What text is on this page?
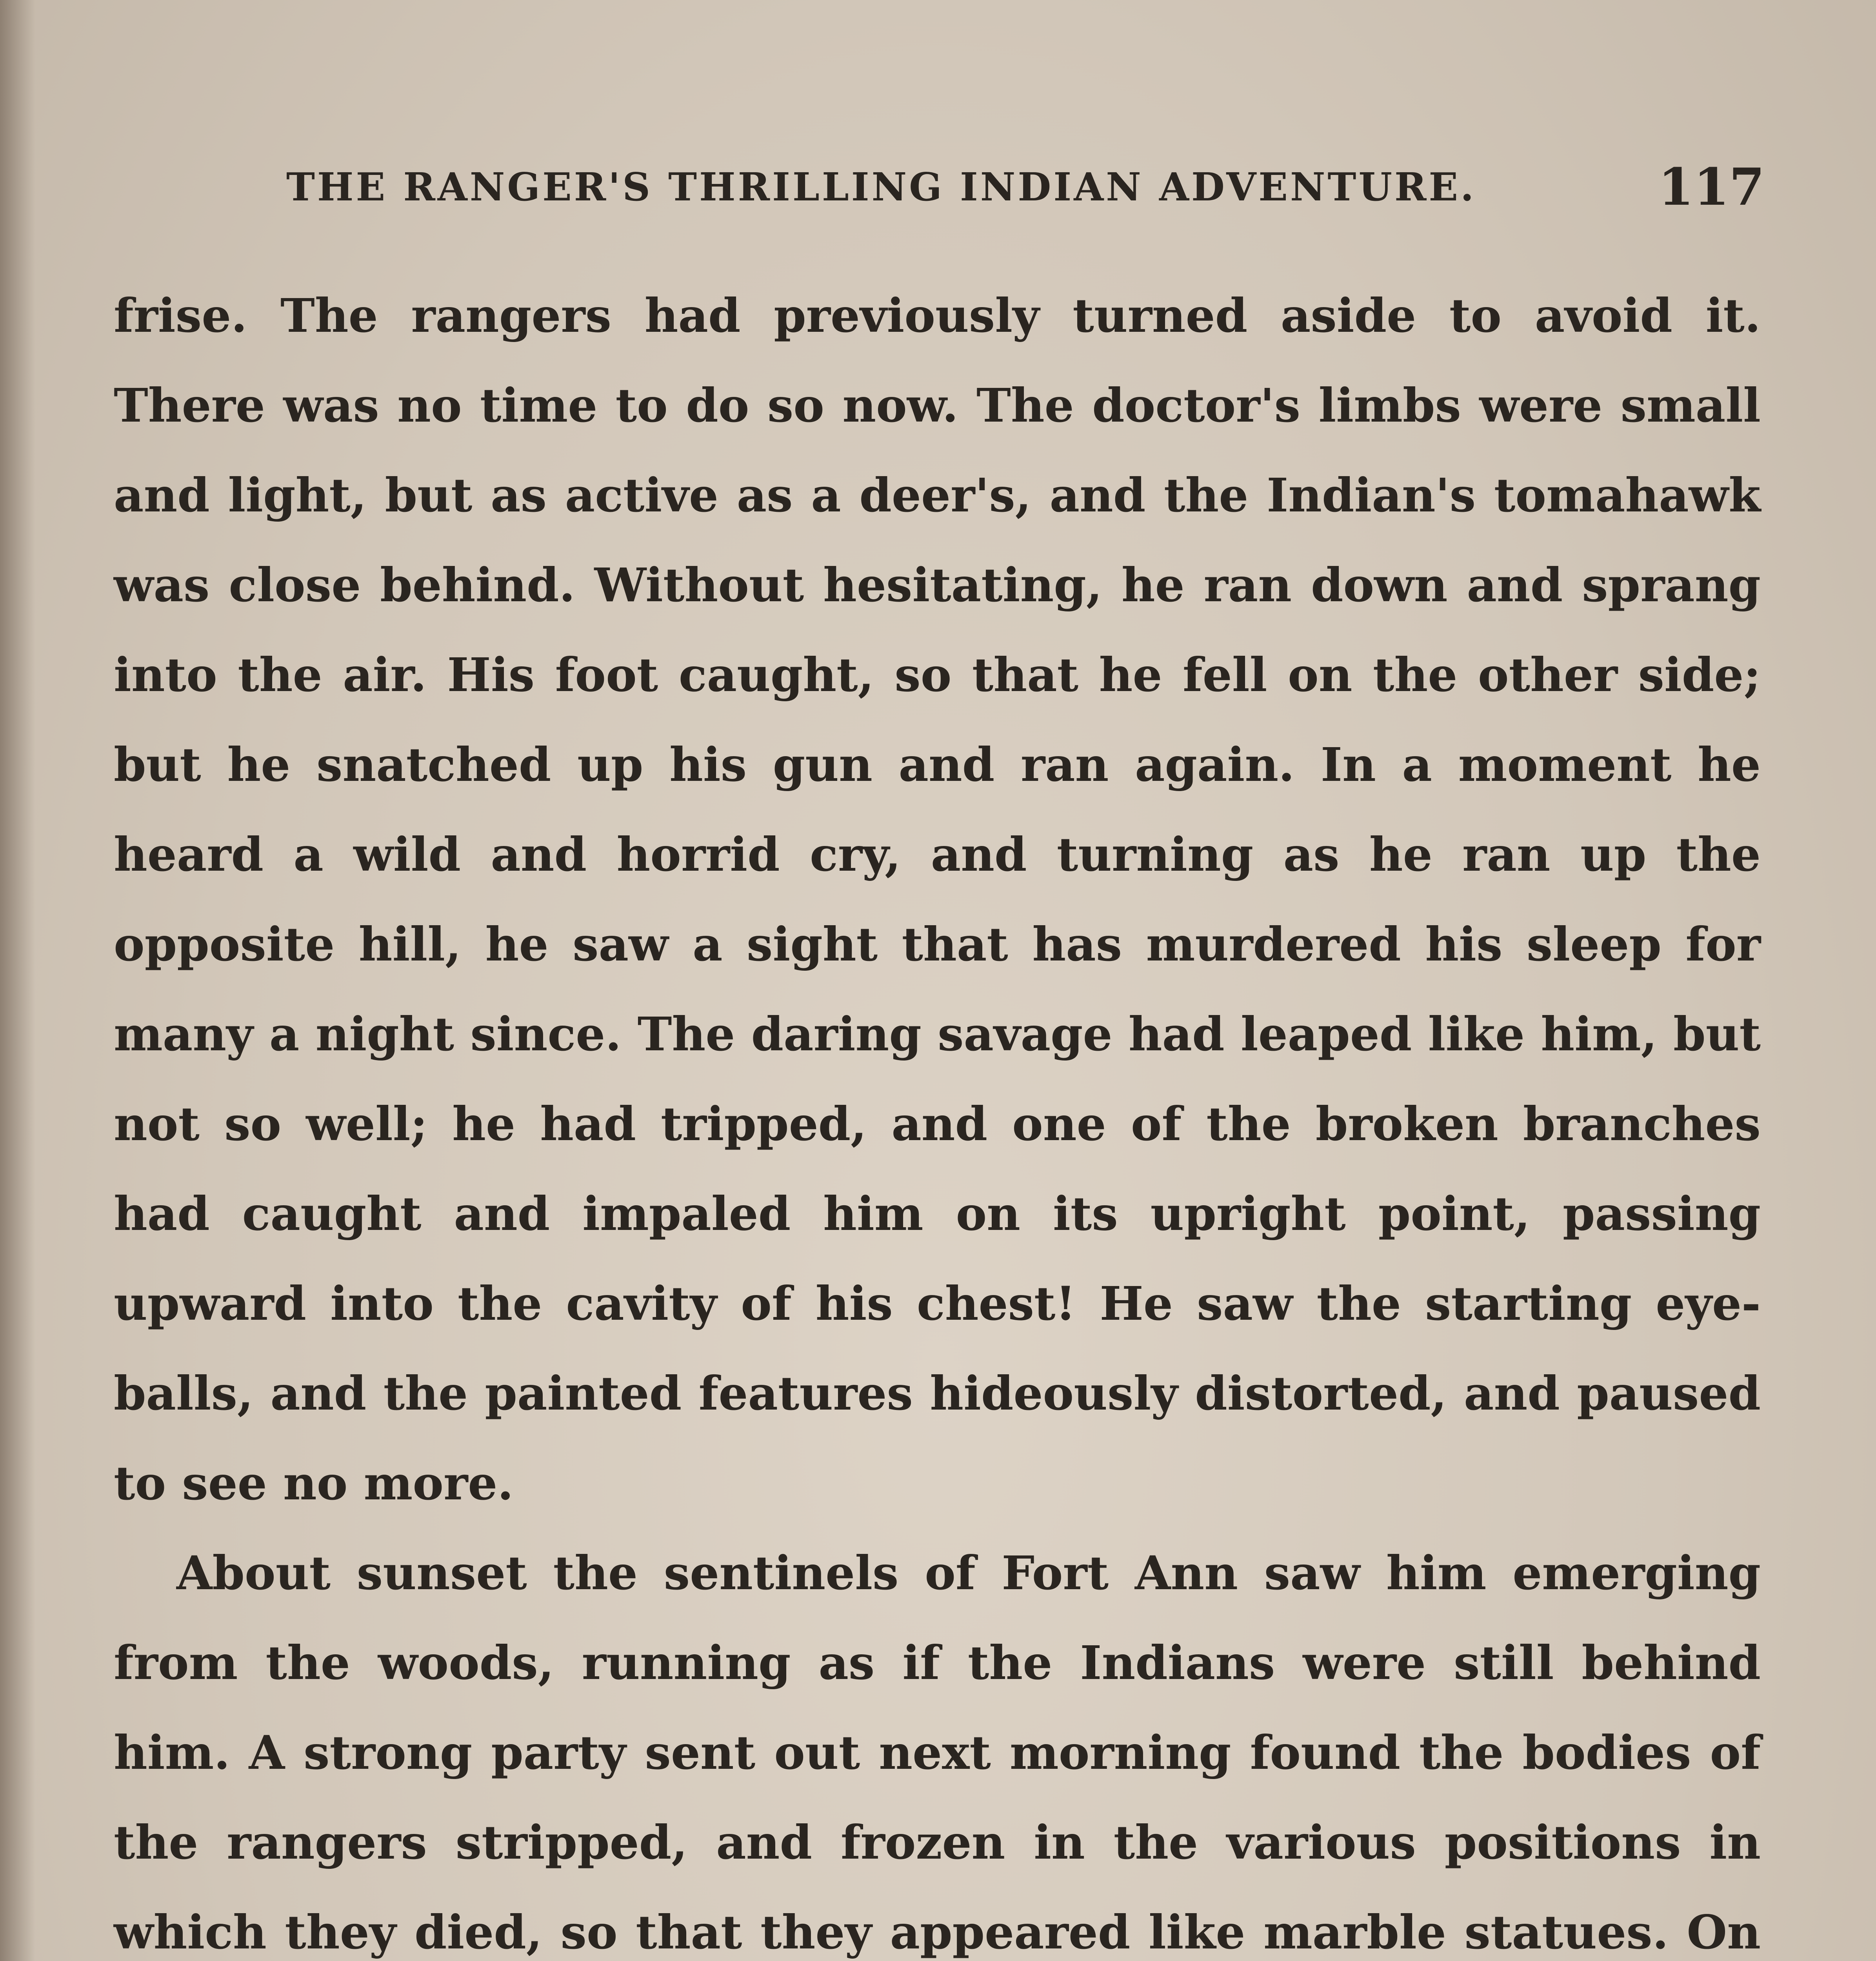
THE RANGER'S THRILLING INDIAN ADVENTURE.	117

frise. The rangers had previously turned aside to avoid it. There was no time to do so now. The doctor's limbs were small and light, but as active as a deer's, and the Indian's tomahawk was close behind. Without hesitating, he ran down and sprang into the air. His foot caught, so that he fell on the other side; but he snatched up his gun and ran again. In a moment he heard a wild and horrid cry, and turning as he ran up the opposite hill, he saw a sight that has murdered his sleep for many a night since. The daring savage had leaped like him, but not so well; he had tripped, and one of the broken branches had caught and impaled him on its upright point, passing upward into the cavity of his chest! He saw the starting eye-balls, and the painted features hideously distorted, and paused to see no more.

About sunset the sentinels of Fort Ann saw him emerging from the woods, running as if the Indians were still behind him. A strong party sent out next morning found the bodies of the rangers stripped, and frozen in the various positions in which they died, so that they appeared like marble statues. On
